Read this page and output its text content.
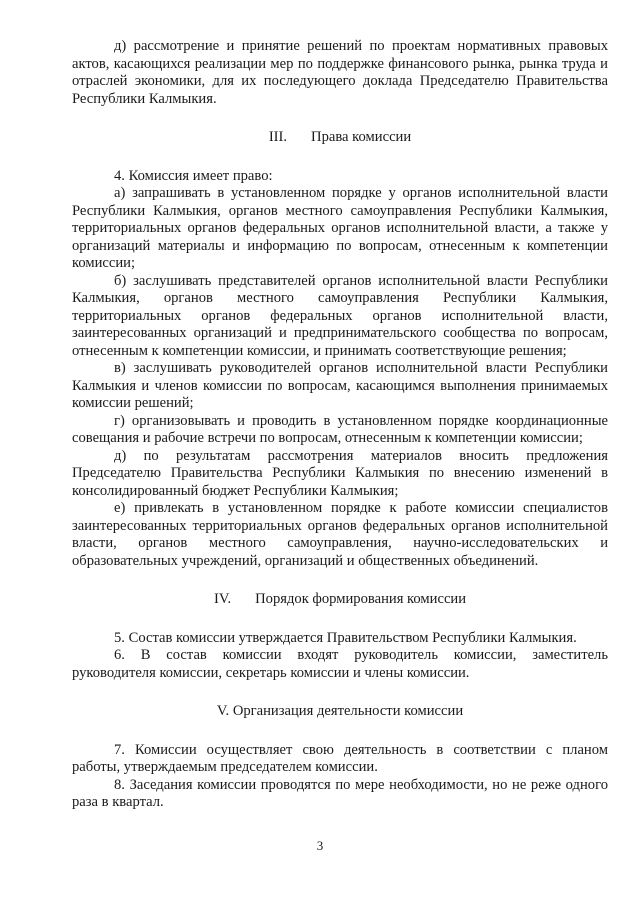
д) рассмотрение и принятие решений по проектам нормативных правовых актов, касающихся реализации мер по поддержке финансового рынка, рынка труда и отраслей экономики, для их последующего доклада Председателю Правительства Республики Калмыкия.

III. Права комиссии

4. Комиссия имеет право:

а) запрашивать в установленном порядке у органов исполнительной власти Республики Калмыкия, органов местного самоуправления Республики Калмыкия, территориальных органов федеральных органов исполнительной власти, а также у организаций материалы и информацию по вопросам, отнесенным к компетенции комиссии;

б) заслушивать представителей органов исполнительной власти Республики Калмыкия, органов местного самоуправления Республики Калмыкия, территориальных органов федеральных органов исполнительной власти, заинтересованных организаций и предпринимательского сообщества по вопросам, отнесенным к компетенции комиссии, и принимать соответствующие решения;

в) заслушивать руководителей органов исполнительной власти Республики Калмыкия и членов комиссии по вопросам, касающимся выполнения принимаемых комиссии решений;

г) организовывать и проводить в установленном порядке координационные совещания и рабочие встречи по вопросам, отнесенным к компетенции комиссии;

д) по результатам рассмотрения материалов вносить предложения Председателю Правительства Республики Калмыкия по внесению изменений в консолидированный бюджет Республики Калмыкия;

е) привлекать в установленном порядке к работе комиссии специалистов заинтересованных территориальных органов федеральных органов исполнительной власти, органов местного самоуправления, научно-исследовательских и образовательных учреждений, организаций и общественных объединений.

IV. Порядок формирования комиссии

5. Состав комиссии утверждается Правительством Республики Калмыкия.

6. В состав комиссии входят руководитель комиссии, заместитель руководителя комиссии, секретарь комиссии и члены комиссии.

V. Организация деятельности комиссии

7. Комиссии осуществляет свою деятельность в соответствии с планом работы, утверждаемым председателем комиссии.

8. Заседания комиссии проводятся по мере необходимости, но не реже одного раза в квартал.

3
